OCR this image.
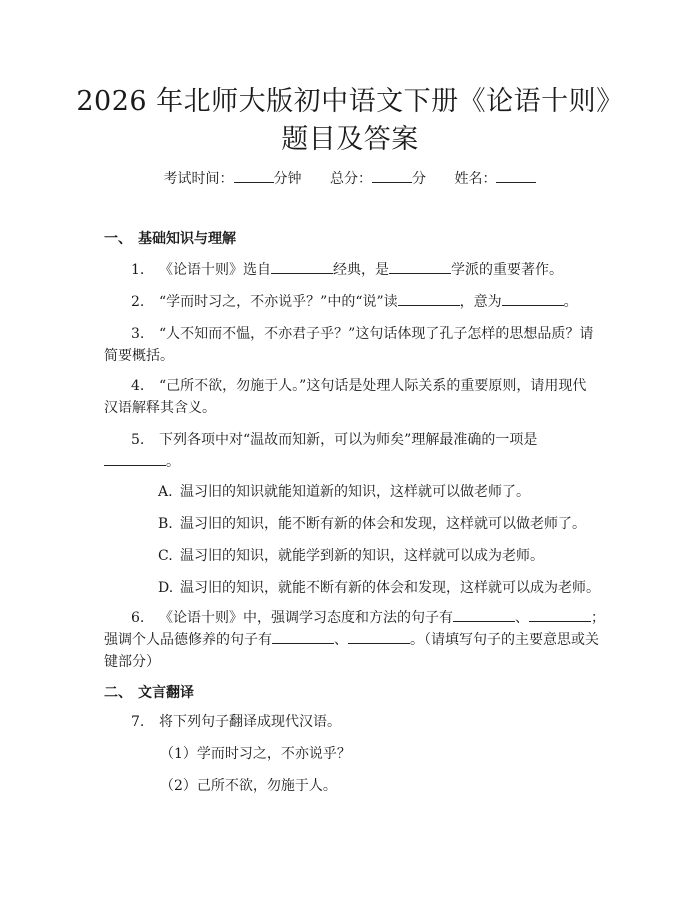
2026 年北师大版初中语文下册《论语十则》
题目及答案
考试时间：	分钟 总分：	分 姓名：
一、 基础知识与理解
1. 《论语十则》选自	经典，是	学派的重要著作。
2. “学而时习之，不亦说乎？”中的“说”读	，意为	。
3. “人不知而不愠，不亦君子乎？”这句话体现了孔子怎样的思想品质？请
简要概括。
4. “己所不欲，勿施于人。”这句话是处理人际关系的重要原则，请用现代
汉语解释其含义。
5. 下列各项中对“温故而知新，可以为师矣”理解最准确的一项是
。
A. 温习旧的知识就能知道新的知识，这样就可以做老师了。
B. 温习旧的知识，能不断有新的体会和发现，这样就可以做老师了。
C. 温习旧的知识，就能学到新的知识，这样就可以成为老师。
D. 温习旧的知识，就能不断有新的体会和发现，这样就可以成为老师。
6. 《论语十则》中，强调学习态度和方法的句子有	、	；
强调个人品德修养的句子有	、	。（请填写句子的主要意思或关
键部分）
二、 文言翻译
7. 将下列句子翻译成现代汉语。
（1）学而时习之，不亦说乎？
（2）己所不欲，勿施于人。
